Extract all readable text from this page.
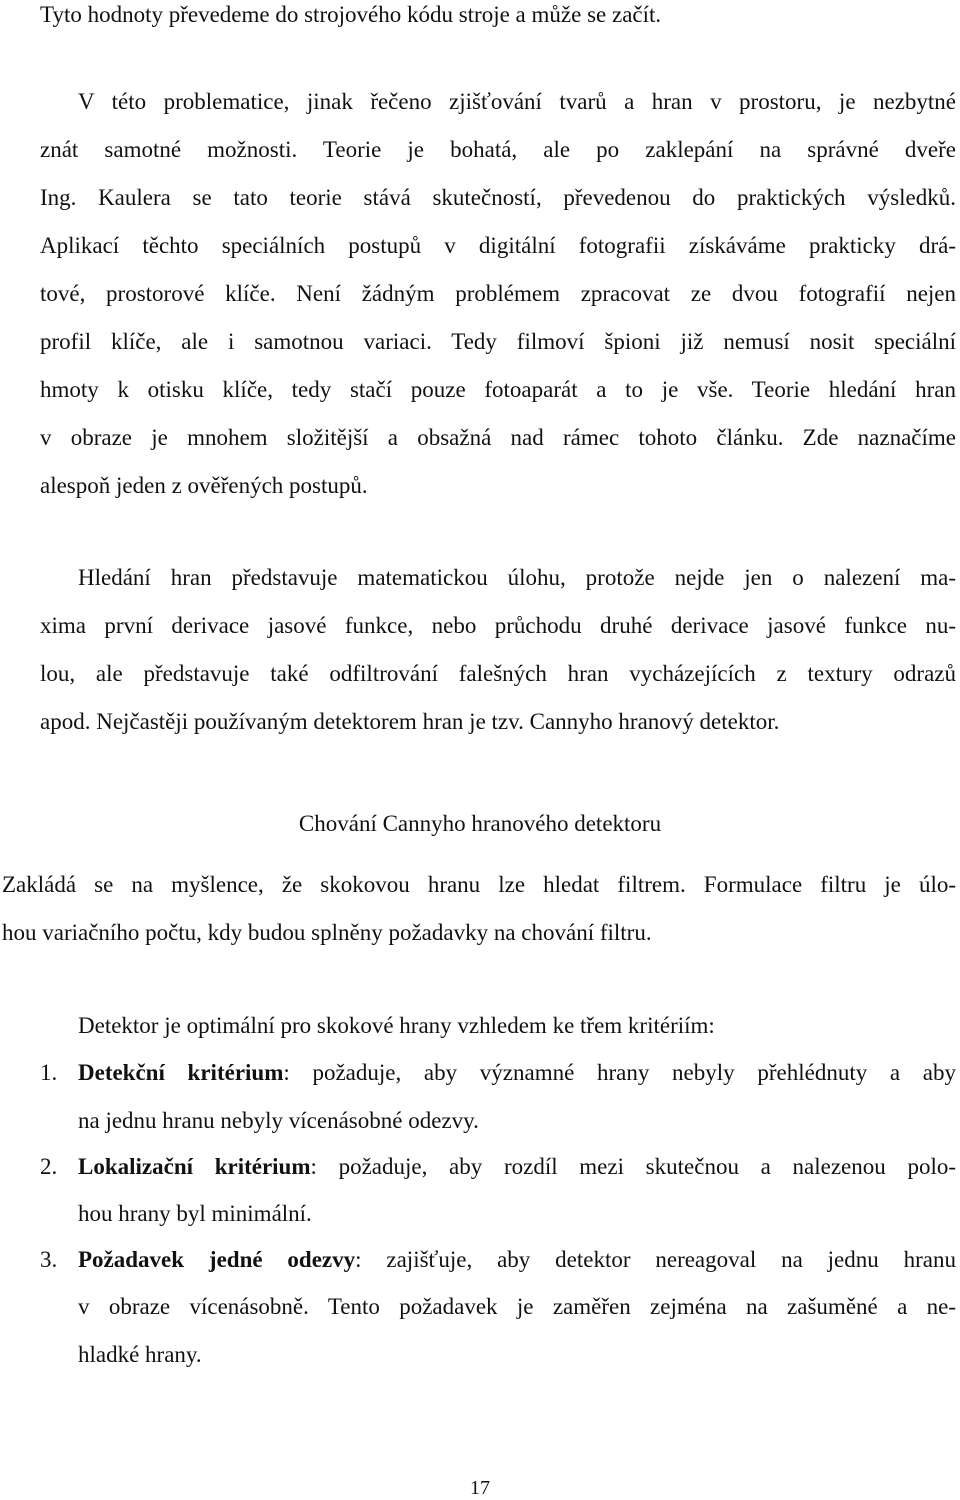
Tyto hodnoty převedeme do strojového kódu stroje a může se začít.
V této problematice, jinak řečeno zjišťování tvarů a hran v prostoru, je nezbytné
znát samotné možnosti. Teorie je bohatá, ale po zaklepání na správné dveře
Ing. Kaulera se tato teorie stává skutečností, převedenou do praktických výsledků.
Aplikací těchto speciálních postupů v digitální fotografii získáváme prakticky drá-
tové, prostorové klíče. Není žádným problémem zpracovat ze dvou fotografií nejen
profil klíče, ale i samotnou variaci. Tedy filmoví špioni již nemusí nosit speciální
hmoty k otisku klíče, tedy stačí pouze fotoaparát a to je vše. Teorie hledání hran
v obraze je mnohem složitější a obsažná nad rámec tohoto článku. Zde naznačíme
alespoň jeden z ověřených postupů.
Hledání hran představuje matematickou úlohu, protože nejde jen o nalezení ma-
xima první derivace jasové funkce, nebo průchodu druhé derivace jasové funkce nu-
lou, ale představuje také odfiltrování falešných hran vycházejících z textury odrazů
apod. Nejčastěji používaným detektorem hran je tzv. Cannyho hranový detektor.
Chování Cannyho hranového detektoru
Zakládá se na myšlence, že skokovou hranu lze hledat filtrem. Formulace filtru je úlo-
hou variačního počtu, kdy budou splněny požadavky na chování filtru.
Detektor je optimální pro skokové hrany vzhledem ke třem kritériím:
1. Detekční kritérium: požaduje, aby významné hrany nebyly přehlédnuty a aby
na jednu hranu nebyly vícenásobné odezvy.
2. Lokalizační kritérium: požaduje, aby rozdíl mezi skutečnou a nalezenou polo-
hou hrany byl minimální.
3. Požadavek jedné odezvy: zajišťuje, aby detektor nereagoval na jednu hranu
v obraze vícenásobně. Tento požadavek je zaměřen zejména na zašuměné a ne-
hladké hrany.
17
